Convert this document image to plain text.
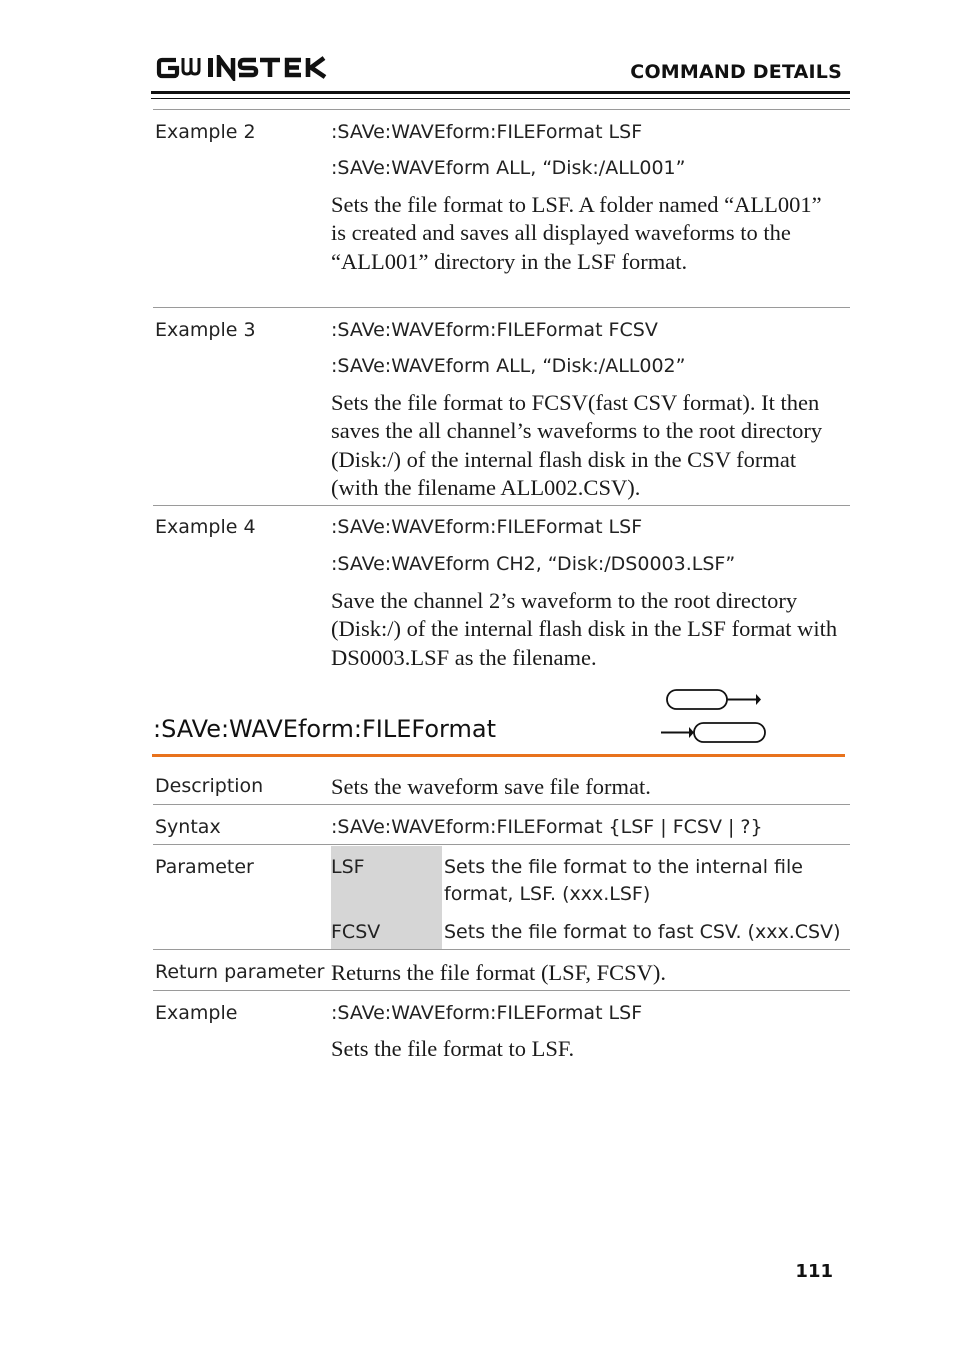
COMMAND DETAILS
Example 2	:SAVe:WAVEform:FILEFormat LSF
:SAVe:WAVEform ALL, “Disk:/ALL001”
Sets the file format to LSF. A folder named “ALL001” is created and saves all displayed waveforms to the “ALL001” directory in the LSF format.
Example 3	:SAVe:WAVEform:FILEFormat FCSV
:SAVe:WAVEform ALL, “Disk:/ALL002”
Sets the file format to FCSV(fast CSV format). It then saves the all channel’s waveforms to the root directory (Disk:/) of the internal flash disk in the CSV format (with the filename ALL002.CSV).
Example 4	:SAVe:WAVEform:FILEFormat LSF
:SAVe:WAVEform CH2, “Disk:/DS0003.LSF”
Save the channel 2’s waveform to the root directory (Disk:/) of the internal flash disk in the LSF format with DS0003.LSF as the filename.
:SAVe:WAVEform:FILEFormat
Description	Sets the waveform save file format.
Syntax	:SAVe:WAVEform:FILEFormat {LSF | FCSV | ?}
Parameter	LSF	Sets the file format to the internal file format, LSF. (xxx.LSF)
FCSV	Sets the file format to fast CSV. (xxx.CSV)
Return parameter Returns the file format (LSF, FCSV).
Example	:SAVe:WAVEform:FILEFormat LSF
Sets the file format to LSF.
111
